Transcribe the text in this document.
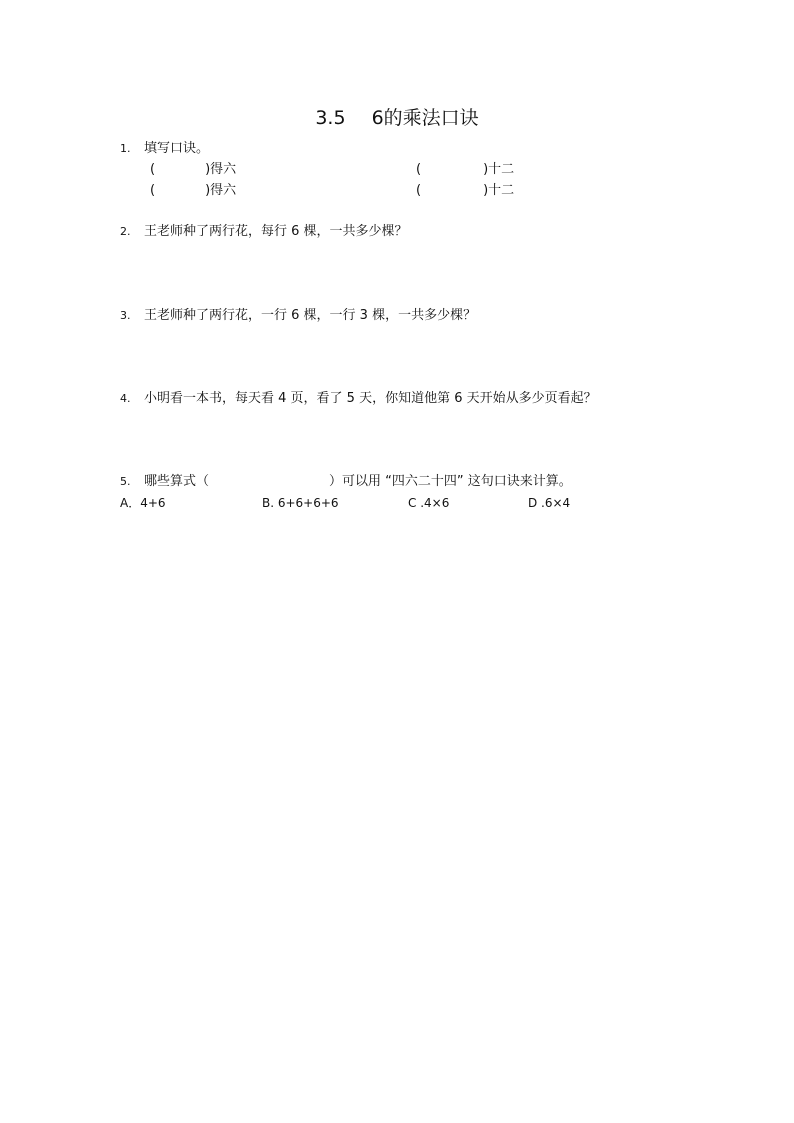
3.5 6的乘法口诀
1. 填写口诀。
(	)得六	(	)十二
(	)得六	(	)十二
2. 王老师种了两行花，每行 6 棵，一共多少棵？
3. 王老师种了两行花，一行 6 棵，一行 3 棵，一共多少棵？
4. 小明看一本书，每天看 4 页，看了 5 天，你知道他第 6 天开始从多少页看起？
5. 哪些算式（	）可以用 “四六二十四” 这句口诀来计算。
A．4+6	B. 6+6+6+6	C .4×6	D .6×4
